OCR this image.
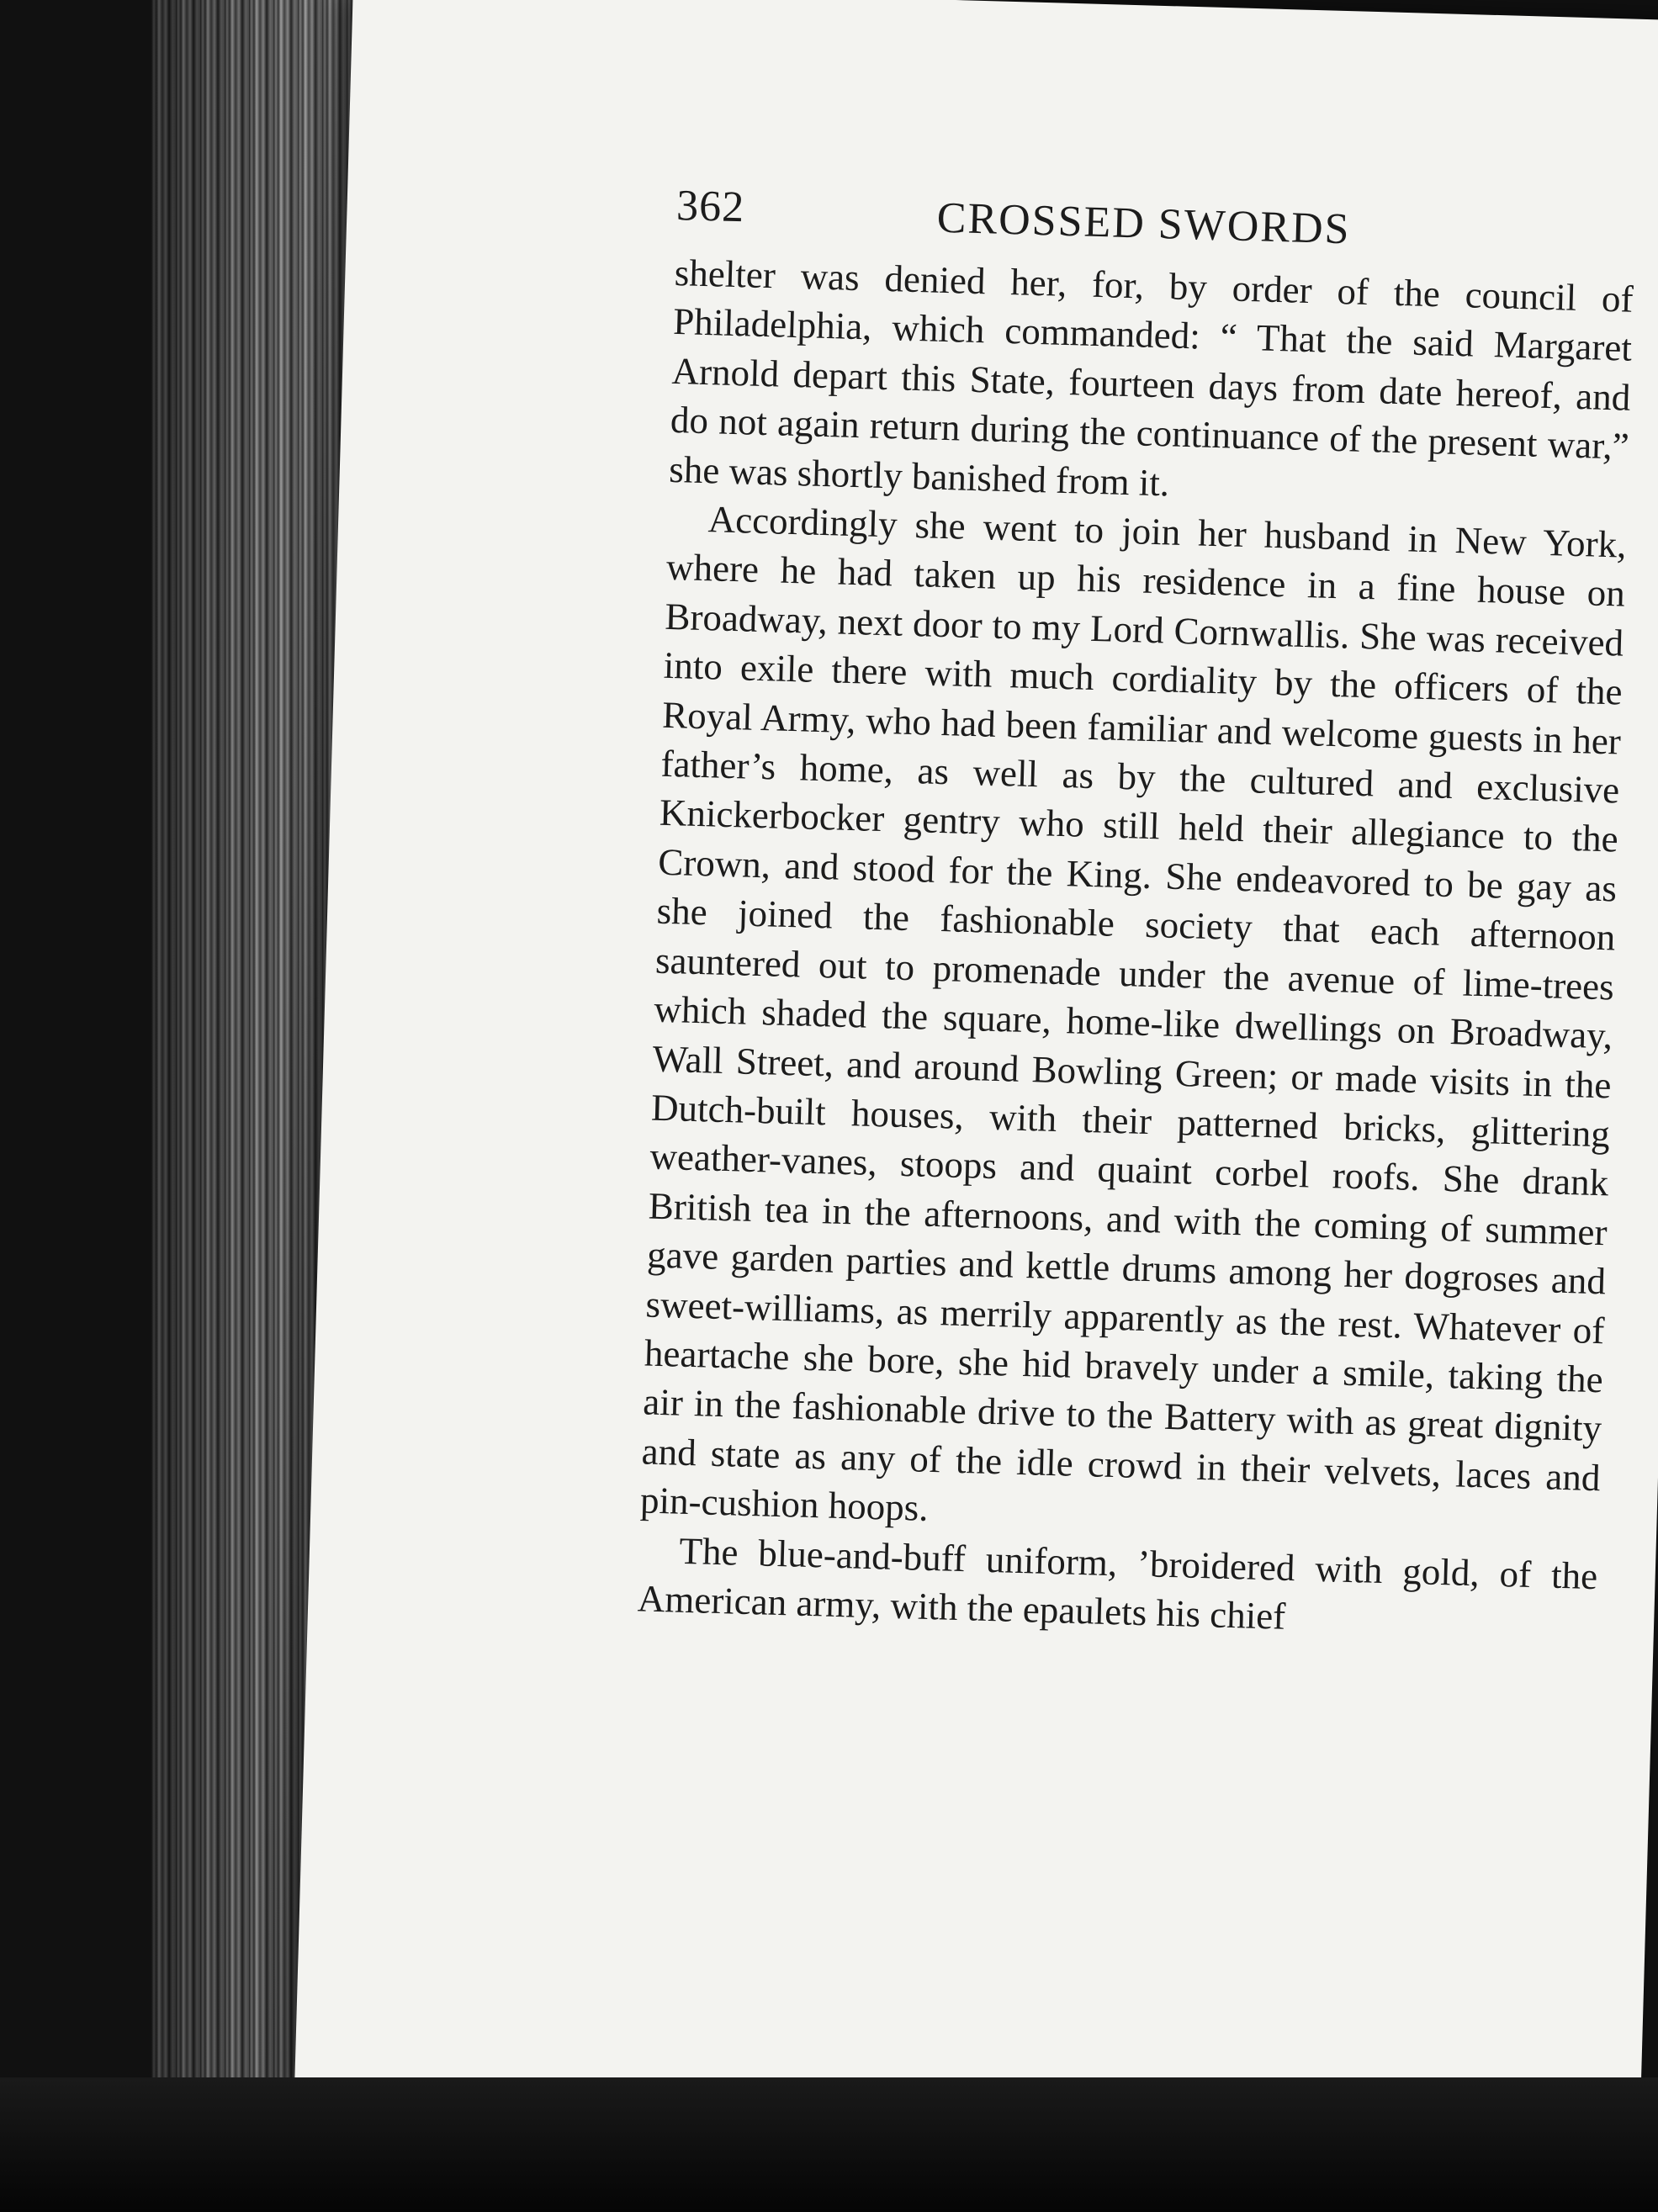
362	CROSSED SWORDS

shelter was denied her, for, by order of the council of Philadelphia, which commanded: “ That the said Margaret Arnold depart this State, fourteen days from date hereof, and do not again return during the continuance of the present war,” she was shortly banished from it.

Accordingly she went to join her husband in New York, where he had taken up his residence in a fine house on Broadway, next door to my Lord Cornwallis. She was received into exile there with much cordiality by the officers of the Royal Army, who had been familiar and welcome guests in her father’s home, as well as by the cultured and exclusive Knickerbocker gentry who still held their allegiance to the Crown, and stood for the King. She endeavored to be gay as she joined the fashionable society that each afternoon sauntered out to promenade under the avenue of lime-trees which shaded the square, home-like dwellings on Broadway, Wall Street, and around Bowling Green; or made visits in the Dutch-built houses, with their patterned bricks, glittering weather-vanes, stoops and quaint corbel roofs. She drank British tea in the afternoons, and with the coming of summer gave garden parties and kettle drums among her dogroses and sweet-williams, as merrily apparently as the rest. Whatever of heartache she bore, she hid bravely under a smile, taking the air in the fashionable drive to the Battery with as great dignity and state as any of the idle crowd in their velvets, laces and pin-cushion hoops.

The blue-and-buff uniform, ’broidered with gold, of the American army, with the epaulets his chief
